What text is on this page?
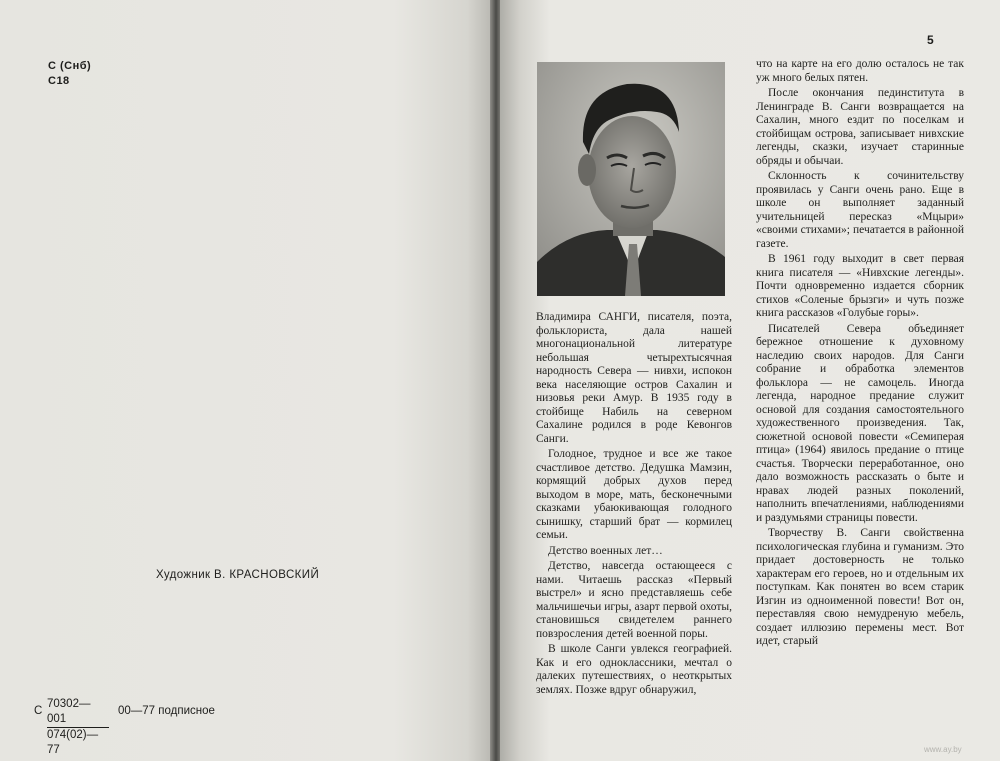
С (Снб)
С18
Художник В. КРАСНОВСКИЙ
С $\frac{70302—001}{074(02)—77}$ 00—77 подписное
5

Владимира САНГИ, писателя, поэта, фольклориста, дала нашей многонациональной литературе небольшая четырехтысячная народность Севера — нивхи, испокон века населяющие остров Сахалин и низовья реки Амур. В 1935 году в стойбище Набиль на северном Сахалине родился в роде Кевонгов Санги.

Голодное, трудное и все же такое счастливое детство. Дедушка Мамзин, кормящий добрых духов перед выходом в море, мать, бесконечными сказками убаюкивающая голодного сынишку, старший брат — кормилец семьи.

Детство военных лет…

Детство, навсегда остающееся с нами. Читаешь рассказ «Первый выстрел» и ясно представляешь себе мальчишечьи игры, азарт первой охоты, становишься свидетелем раннего повзросления детей военной поры.

В школе Санги увлекся географией. Как и его одноклассники, мечтал о далеких путешествиях, о неоткрытых землях. Позже вдруг обнаружил,

что на карте на его долю осталось не так уж много белых пятен.

После окончания пединститута в Ленинграде В. Санги возвращается на Сахалин, много ездит по поселкам и стойбищам острова, записывает нивхские легенды, сказки, изучает старинные обряды и обычаи.

Склонность к сочинительству проявилась у Санги очень рано. Еще в школе он выполняет заданный учительницей пересказ «Мцыри» «своими стихами»; печатается в районной газете.

В 1961 году выходит в свет первая книга писателя — «Нивхские легенды». Почти одновременно издается сборник стихов «Соленые брызги» и чуть позже книга рассказов «Голубые горы».

Писателей Севера объединяет бережное отношение к духовному наследию своих народов. Для Санги собрание и обработка элементов фольклора — не самоцель. Иногда легенда, народное предание служит основой для создания самостоятельного художественного произведения. Так, сюжетной основой повести «Семиперая птица» (1964) явилось предание о птице счастья. Творчески переработанное, оно дало возможность рассказать о быте и нравах людей разных поколений, наполнить впечатлениями, наблюдениями и раздумьями страницы повести.

Творчеству В. Санги свойственна психологическая глубина и гуманизм. Это придает достоверность не только характерам его героев, но и отдельным их поступкам. Как понятен во всем старик Изгин из одноименной повести! Вот он, переставляя свою немудреную мебель, создает иллюзию перемены мест. Вот идет, старый

www.ay.by
